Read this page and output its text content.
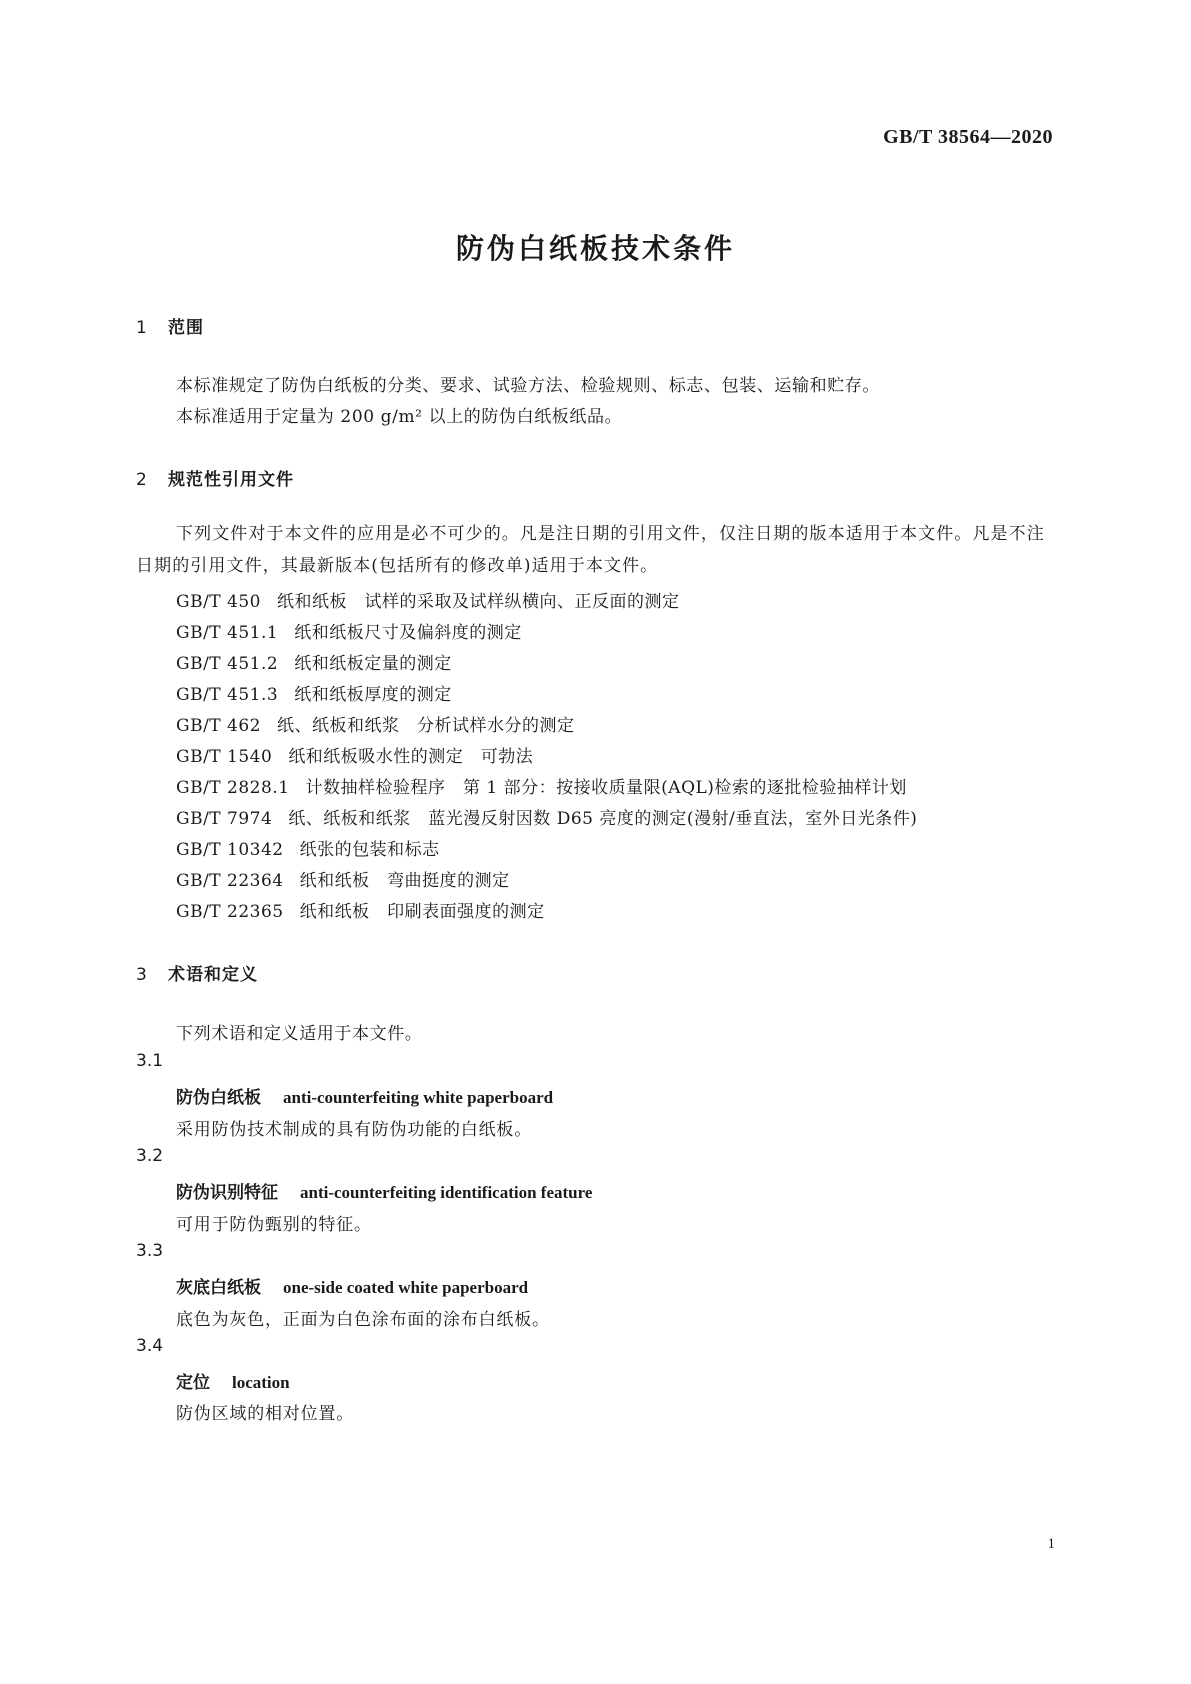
GB/T 38564—2020
防伪白纸板技术条件
1 范围
本标准规定了防伪白纸板的分类、要求、试验方法、检验规则、标志、包装、运输和贮存。
本标准适用于定量为 200 g/m² 以上的防伪白纸板纸品。
2 规范性引用文件
下列文件对于本文件的应用是必不可少的。凡是注日期的引用文件，仅注日期的版本适用于本文件。凡是不注日期的引用文件，其最新版本(包括所有的修改单)适用于本文件。
GB/T 450 纸和纸板　试样的采取及试样纵横向、正反面的测定
GB/T 451.1 纸和纸板尺寸及偏斜度的测定
GB/T 451.2 纸和纸板定量的测定
GB/T 451.3 纸和纸板厚度的测定
GB/T 462 纸、纸板和纸浆　分析试样水分的测定
GB/T 1540 纸和纸板吸水性的测定　可勃法
GB/T 2828.1 计数抽样检验程序　第 1 部分：按接收质量限(AQL)检索的逐批检验抽样计划
GB/T 7974 纸、纸板和纸浆　蓝光漫反射因数 D65 亮度的测定(漫射/垂直法，室外日光条件)
GB/T 10342 纸张的包装和标志
GB/T 22364 纸和纸板　弯曲挺度的测定
GB/T 22365 纸和纸板　印刷表面强度的测定
3 术语和定义
下列术语和定义适用于本文件。
3.1
防伪白纸板 anti-counterfeiting white paperboard
采用防伪技术制成的具有防伪功能的白纸板。
3.2
防伪识别特征 anti-counterfeiting identification feature
可用于防伪甄别的特征。
3.3
灰底白纸板 one-side coated white paperboard
底色为灰色，正面为白色涂布面的涂布白纸板。
3.4
定位 location
防伪区域的相对位置。
1
